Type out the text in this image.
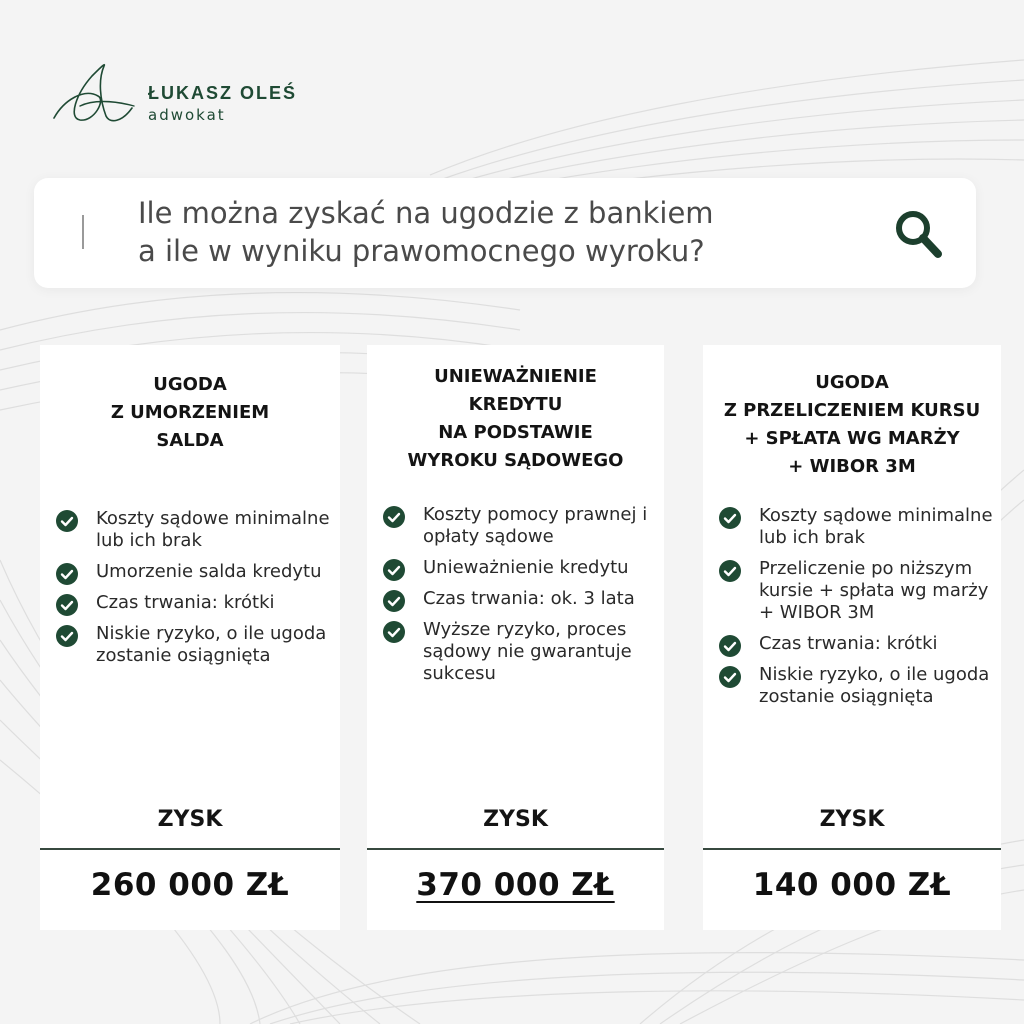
ŁUKASZ OLEŚ
adwokat
Ile można zyskać na ugodzie z bankiem
a ile w wyniku prawomocnego wyroku?
UGODA
Z UMORZENIEM
SALDA
Koszty sądowe minimalne lub ich brak
Umorzenie salda kredytu
Czas trwania: krótki
Niskie ryzyko, o ile ugoda zostanie osiągnięta
ZYSK
260 000 ZŁ
UNIEWAŻNIENIE
KREDYTU
NA PODSTAWIE
WYROKU SĄDOWEGO
Koszty pomocy prawnej i opłaty sądowe
Unieważnienie kredytu
Czas trwania: ok. 3 lata
Wyższe ryzyko, proces sądowy nie gwarantuje sukcesu
ZYSK
370 000 ZŁ
UGODA
Z PRZELICZENIEM KURSU
+ SPŁATA WG MARŻY
+ WIBOR 3M
Koszty sądowe minimalne lub ich brak
Przeliczenie po niższym kursie + spłata wg marży + WIBOR 3M
Czas trwania: krótki
Niskie ryzyko, o ile ugoda zostanie osiągnięta
ZYSK
140 000 ZŁ
